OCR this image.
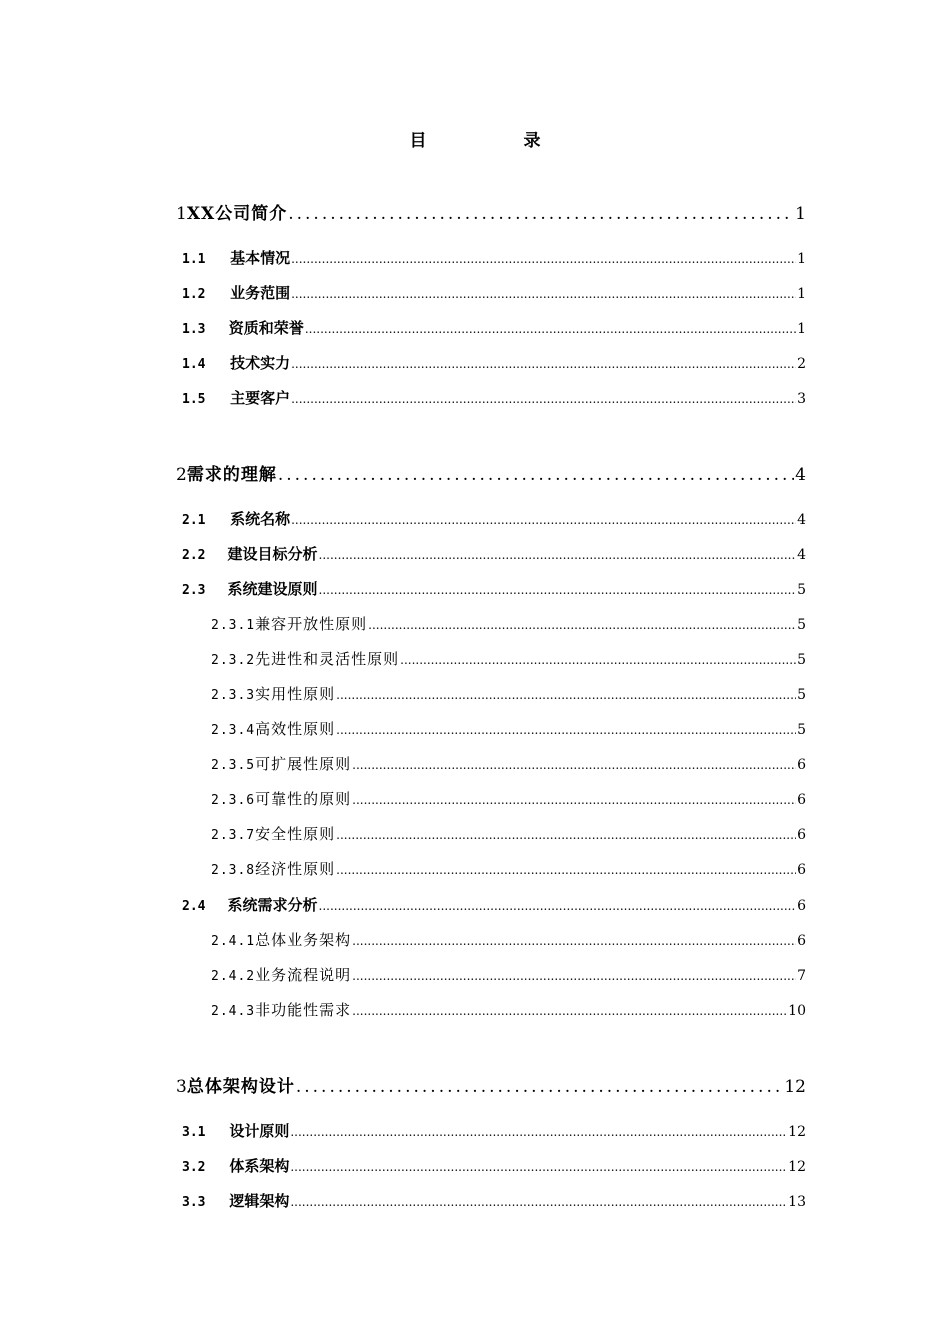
目　录
1 XX公司简介 .....	1
1.1	基本情况 .....	1
1.2	业务范围 .....	1
1.3	资质和荣誉 .....	1
1.4	技术实力 .....	2
1.5	主要客户 .....	3
2 需求的理解 .....	4
2.1	系统名称 .....	4
2.2	建设目标分析 .....	4
2.3	系统建设原则 .....	5
2.3.1 兼容开放性原则 .....	5
2.3.2 先进性和灵活性原则 .....	5
2.3.3 实用性原则 .....	5
2.3.4 高效性原则 .....	5
2.3.5 可扩展性原则 .....	6
2.3.6 可靠性的原则 .....	6
2.3.7 安全性原则 .....	6
2.3.8 经济性原则 .....	6
2.4	系统需求分析 .....	6
2.4.1 总体业务架构 .....	6
2.4.2 业务流程说明 .....	7
2.4.3 非功能性需求 .....	10
3 总体架构设计 .....	12
3.1	设计原则 .....	12
3.2	体系架构 .....	12
3.3	逻辑架构 .....	13
